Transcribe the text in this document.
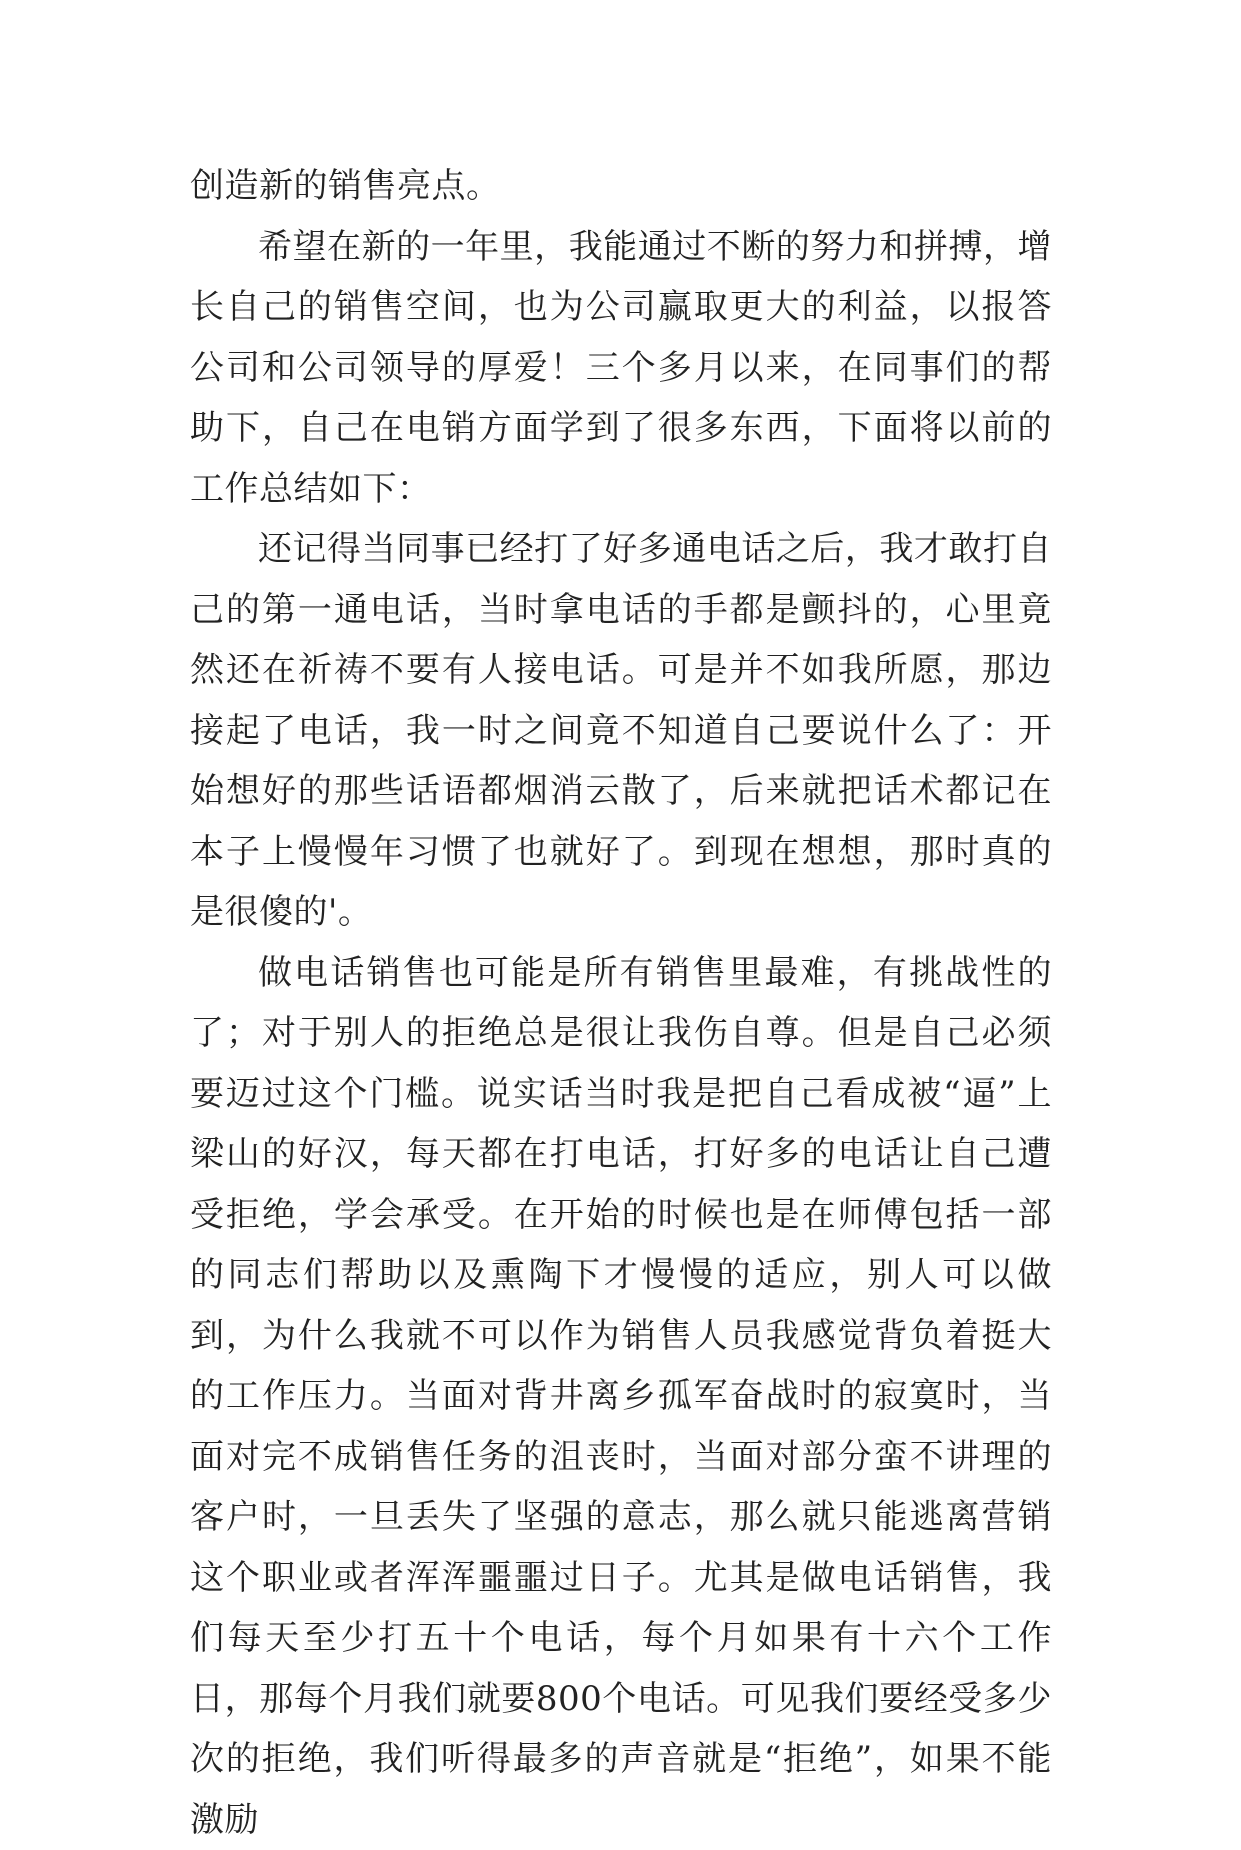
创造新的销售亮点。

希望在新的一年里，我能通过不断的努力和拼搏，增长自己的销售空间，也为公司赢取更大的利益，以报答公司和公司领导的厚爱！三个多月以来，在同事们的帮助下，自己在电销方面学到了很多东西，下面将以前的工作总结如下：

还记得当同事已经打了好多通电话之后，我才敢打自己的第一通电话，当时拿电话的手都是颤抖的，心里竟然还在祈祷不要有人接电话。可是并不如我所愿，那边接起了电话，我一时之间竟不知道自己要说什么了：开始想好的那些话语都烟消云散了，后来就把话术都记在本子上慢慢年习惯了也就好了。到现在想想，那时真的是很傻的'。

做电话销售也可能是所有销售里最难，有挑战性的了；对于别人的拒绝总是很让我伤自尊。但是自己必须要迈过这个门槛。说实话当时我是把自己看成被“逼”上梁山的好汉，每天都在打电话，打好多的电话让自己遭受拒绝，学会承受。在开始的时候也是在师傅包括一部的同志们帮助以及熏陶下才慢慢的适应，别人可以做到，为什么我就不可以作为销售人员我感觉背负着挺大的工作压力。当面对背井离乡孤军奋战时的寂寞时，当面对完不成销售任务的沮丧时，当面对部分蛮不讲理的客户时，一旦丢失了坚强的意志，那么就只能逃离营销这个职业或者浑浑噩噩过日子。尤其是做电话销售，我们每天至少打五十个电话，每个月如果有十六个工作日，那每个月我们就要800个电话。可见我们要经受多少次的拒绝，我们听得最多的声音就是“拒绝”，如果不能激励
